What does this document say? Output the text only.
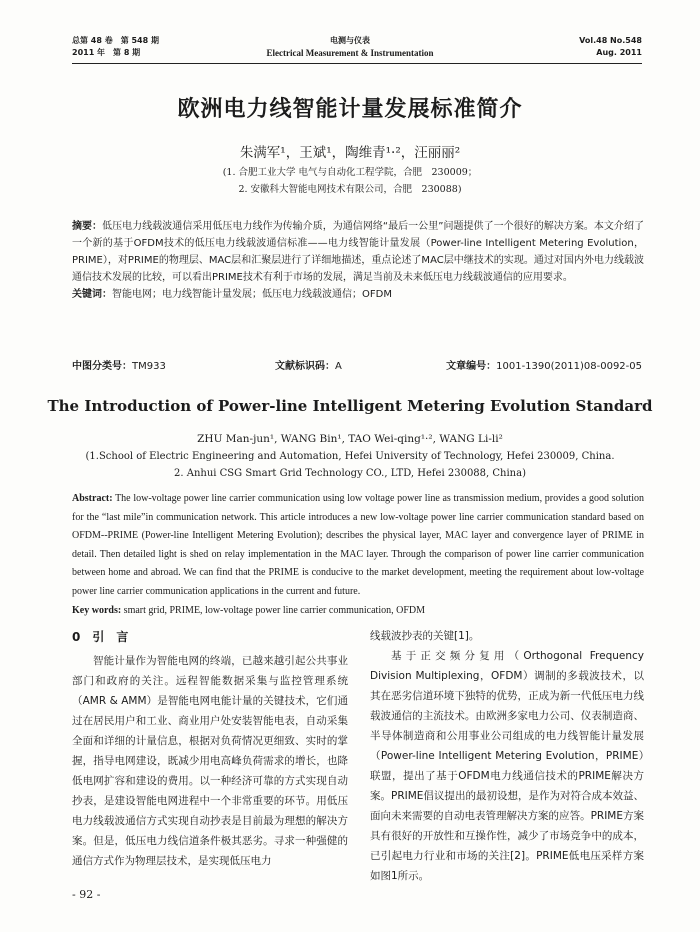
总第 48 卷　第 548 期
2011 年　第 8 期
电测与仪表
Electrical Measurement & Instrumentation
Vol.48 No.548
Aug. 2011
欧洲电力线智能计量发展标准简介
朱满军¹，王斌¹，陶维青¹·²，汪丽丽²
(1. 合肥工业大学 电气与自动化工程学院，合肥　230009；
2. 安徽科大智能电网技术有限公司，合肥　230088)
摘要：低压电力线载波通信采用低压电力线作为传输介质，为通信网络“最后一公里”问题提供了一个很好的解决方案。本文介绍了一个新的基于OFDM技术的低压电力线载波通信标准——电力线智能计量发展（Power-line Intelligent Metering Evolution，PRIME），对PRIME的物理层、MAC层和汇聚层进行了详细地描述，重点论述了MAC层中继技术的实现。通过对国内外电力线载波通信技术发展的比较，可以看出PRIME技术有利于市场的发展，满足当前及未来低压电力线载波通信的应用要求。
关键词：智能电网；电力线智能计量发展；低压电力线载波通信；OFDM
中图分类号：TM933	文献标识码：A	文章编号：1001-1390(2011)08-0092-05
The Introduction of Power-line Intelligent Metering Evolution Standard
ZHU Man-jun¹, WANG Bin¹, TAO Wei-qing¹·², WANG Li-li²
(1.School of Electric Engineering and Automation, Hefei University of Technology, Hefei 230009, China.
2. Anhui CSG Smart Grid Technology CO., LTD, Hefei 230088, China)
Abstract: The low-voltage power line carrier communication using low voltage power line as transmission medium, provides a good solution for the “last mile”in communication network. This article introduces a new low-voltage power line carrier communication standard based on OFDM--PRIME (Power-line Intelligent Metering Evolution); describes the physical layer, MAC layer and convergence layer of PRIME in detail. Then detailed light is shed on relay implementation in the MAC layer. Through the comparison of power line carrier communication between home and abroad. We can find that the PRIME is conducive to the market development, meeting the requirement about low-voltage power line carrier communication applications in the current and future.
Key words: smart grid, PRIME, low-voltage power line carrier communication, OFDM
0　引　言
智能计量作为智能电网的终端，已越来越引起公共事业部门和政府的关注。远程智能数据采集与监控管理系统（AMR & AMM）是智能电网电能计量的关键技术，它们通过在居民用户和工业、商业用户处安装智能电表，自动采集全面和详细的计量信息，根据对负荷情况更细致、实时的掌握，指导电网建设，既减少用电高峰负荷需求的增长，也降低电网扩容和建设的费用。以一种经济可靠的方式实现自动抄表，是建设智能电网进程中一个非常重要的环节。用低压电力线载波通信方式实现自动抄表是目前最为理想的解决方案。但是，低压电力线信道条件极其恶劣。寻求一种强健的通信方式作为物理层技术，是实现低压电力
线载波抄表的关键[1]。
基于正交频分复用（Orthogonal Frequency Division Multiplexing，OFDM）调制的多载波技术，以其在恶劣信道环境下独特的优势，正成为新一代低压电力线载波通信的主流技术。由欧洲多家电力公司、仪表制造商、半导体制造商和公用事业公司组成的电力线智能计量发展（Power-line Intelligent Metering Evolution，PRIME）联盟，提出了基于OFDM电力线通信技术的PRIME解决方案。PRIME倡议提出的最初设想，是作为对符合成本效益、面向未来需要的自动电表管理解决方案的应答。PRIME方案具有很好的开放性和互操作性，减少了市场竞争中的成本，已引起电力行业和市场的关注[2]。PRIME低电压采样方案如图1所示。
- 92 -
